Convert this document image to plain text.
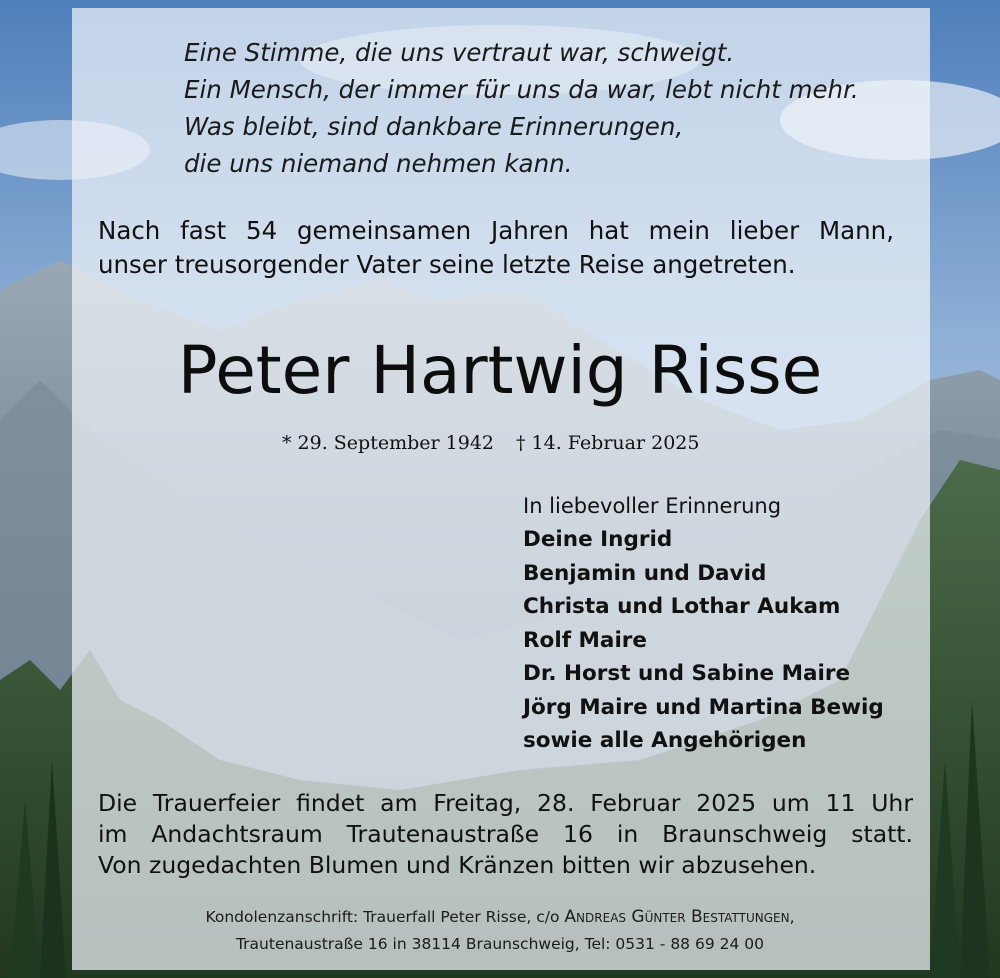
Eine Stimme, die uns vertraut war, schweigt.
Ein Mensch, der immer für uns da war, lebt nicht mehr.
Was bleibt, sind dankbare Erinnerungen,
die uns niemand nehmen kann.
Nach fast 54 gemeinsamen Jahren hat mein lieber Mann,
unser treusorgender Vater seine letzte Reise angetreten.
Peter Hartwig Risse
* 29. September 1942 † 14. Februar 2025
In liebevoller Erinnerung
Deine Ingrid
Benjamin und David
Christa und Lothar Aukam
Rolf Maire
Dr. Horst und Sabine Maire
Jörg Maire und Martina Bewig
sowie alle Angehörigen
Die Trauerfeier findet am Freitag, 28. Februar 2025 um 11 Uhr
im Andachtsraum Trautenaustraße 16 in Braunschweig statt.
Von zugedachten Blumen und Kränzen bitten wir abzusehen.
Kondolenzanschrift: Trauerfall Peter Risse, c/o Andreas Günter Bestattungen,
Trautenaustraße 16 in 38114 Braunschweig, Tel: 0531 - 88 69 24 00
